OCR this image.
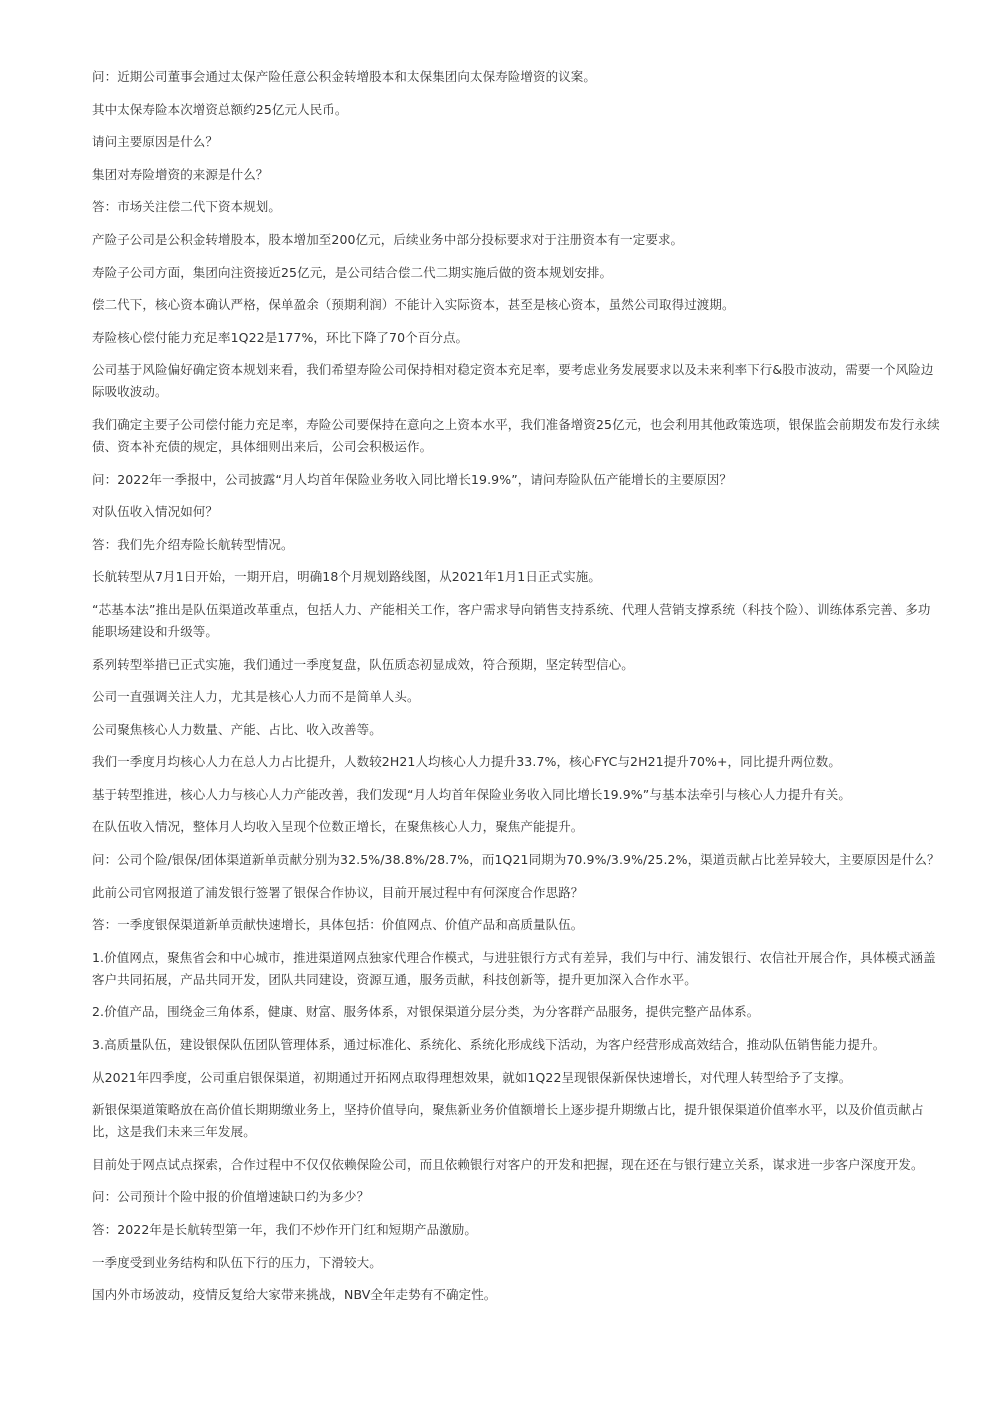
问：近期公司董事会通过太保产险任意公积金转增股本和太保集团向太保寿险增资的议案。

其中太保寿险本次增资总额约25亿元人民币。

请问主要原因是什么？

集团对寿险增资的来源是什么？

答：市场关注偿二代下资本规划。

产险子公司是公积金转增股本，股本增加至200亿元，后续业务中部分投标要求对于注册资本有一定要求。

寿险子公司方面，集团向注资接近25亿元，是公司结合偿二代二期实施后做的资本规划安排。

偿二代下，核心资本确认严格，保单盈余（预期利润）不能计入实际资本，甚至是核心资本，虽然公司取得过渡期。

寿险核心偿付能力充足率1Q22是177%，环比下降了70个百分点。

公司基于风险偏好确定资本规划来看，我们希望寿险公司保持相对稳定资本充足率，要考虑业务发展要求以及未来利率下行&股市波动，需要一个风险边际吸收波动。

我们确定主要子公司偿付能力充足率，寿险公司要保持在意向之上资本水平，我们准备增资25亿元，也会利用其他政策选项，银保监会前期发布发行永续债、资本补充债的规定，具体细则出来后，公司会积极运作。

问：2022年一季报中，公司披露“月人均首年保险业务收入同比增长19.9%”，请问寿险队伍产能增长的主要原因？

对队伍收入情况如何？

答：我们先介绍寿险长航转型情况。

长航转型从7月1日开始，一期开启，明确18个月规划路线图，从2021年1月1日正式实施。

“芯基本法”推出是队伍渠道改革重点，包括人力、产能相关工作，客户需求导向销售支持系统、代理人营销支撑系统（科技个险）、训练体系完善、多功能职场建设和升级等。

系列转型举措已正式实施，我们通过一季度复盘，队伍质态初显成效，符合预期，坚定转型信心。

公司一直强调关注人力，尤其是核心人力而不是简单人头。

公司聚焦核心人力数量、产能、占比、收入改善等。

我们一季度月均核心人力在总人力占比提升，人数较2H21人均核心人力提升33.7%，核心FYC与2H21提升70%+，同比提升两位数。

基于转型推进，核心人力与核心人力产能改善，我们发现“月人均首年保险业务收入同比增长19.9%”与基本法牵引与核心人力提升有关。

在队伍收入情况，整体月人均收入呈现个位数正增长，在聚焦核心人力，聚焦产能提升。

问：公司个险/银保/团体渠道新单贡献分别为32.5%/38.8%/28.7%，而1Q21同期为70.9%/3.9%/25.2%，渠道贡献占比差异较大，主要原因是什么？

此前公司官网报道了浦发银行签署了银保合作协议，目前开展过程中有何深度合作思路？

答：一季度银保渠道新单贡献快速增长，具体包括：价值网点、价值产品和高质量队伍。

1.价值网点，聚焦省会和中心城市，推进渠道网点独家代理合作模式，与进驻银行方式有差异，我们与中行、浦发银行、农信社开展合作，具体模式涵盖客户共同拓展，产品共同开发，团队共同建设，资源互通，服务贡献，科技创新等，提升更加深入合作水平。

2.价值产品，围绕金三角体系，健康、财富、服务体系，对银保渠道分层分类，为分客群产品服务，提供完整产品体系。

3.高质量队伍，建设银保队伍团队管理体系，通过标准化、系统化、系统化形成线下活动，为客户经营形成高效结合，推动队伍销售能力提升。

从2021年四季度，公司重启银保渠道，初期通过开拓网点取得理想效果，就如1Q22呈现银保新保快速增长，对代理人转型给予了支撑。

新银保渠道策略放在高价值长期期缴业务上，坚持价值导向，聚焦新业务价值额增长上逐步提升期缴占比，提升银保渠道价值率水平，以及价值贡献占比，这是我们未来三年发展。

目前处于网点试点探索，合作过程中不仅仅依赖保险公司，而且依赖银行对客户的开发和把握，现在还在与银行建立关系，谋求进一步客户深度开发。

问：公司预计个险中报的价值增速缺口约为多少？

答：2022年是长航转型第一年，我们不炒作开门红和短期产品激励。

一季度受到业务结构和队伍下行的压力，下滑较大。

国内外市场波动，疫情反复给大家带来挑战，NBV全年走势有不确定性。
